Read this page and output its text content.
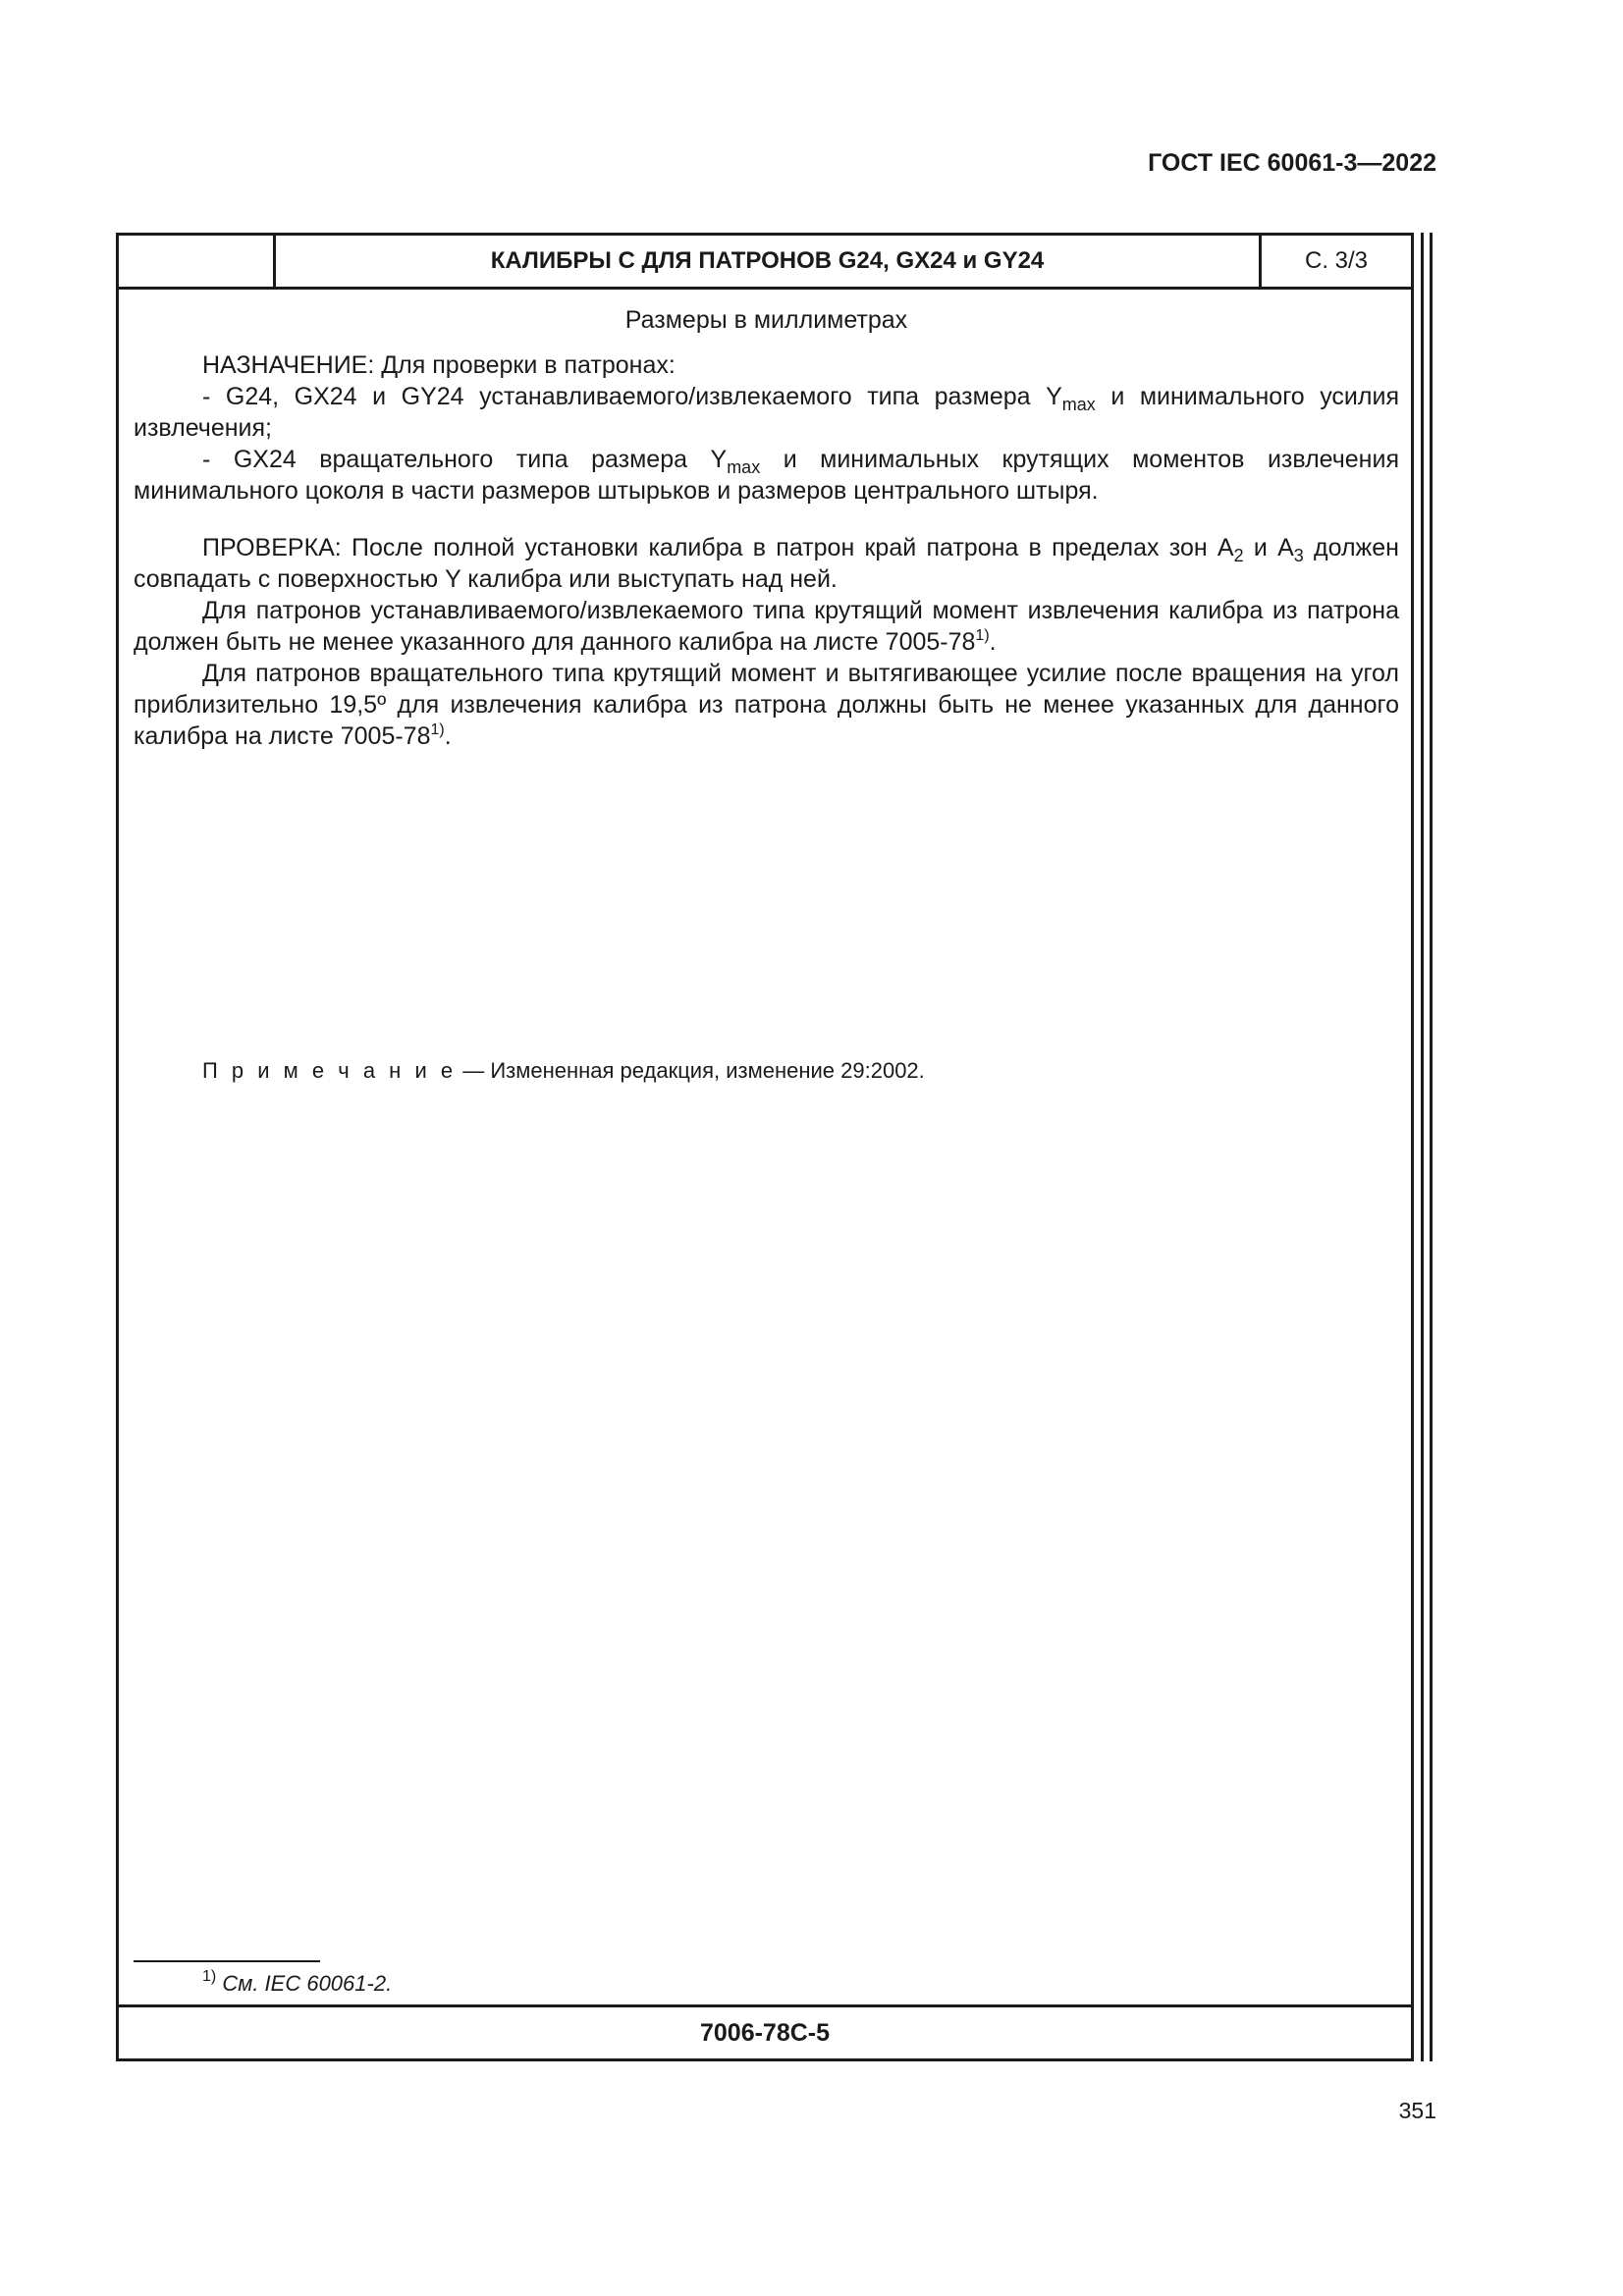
ГОСТ IEC 60061-3—2022
КАЛИБРЫ С ДЛЯ ПАТРОНОВ G24, GX24 и GY24	С. 3/3
Размеры в миллиметрах

НАЗНАЧЕНИЕ: Для проверки в патронах:

- G24, GX24 и GY24 устанавливаемого/извлекаемого типа размера $Y_{max}$ и минимального усилия извлечения;

- GX24 вращательного типа размера $Y_{max}$ и минимальных крутящих моментов извлечения минимального цоколя в части размеров штырьков и размеров центрального штыря.

ПРОВЕРКА: После полной установки калибра в патрон край патрона в пределах зон $А_2$ и $А_3$ должен совпадать с поверхностью Y калибра или выступать над ней.

Для патронов устанавливаемого/извлекаемого типа крутящий момент извлечения калибра из патрона должен быть не менее указанного для данного калибра на листе 7005-78$^{1)}$.

Для патронов вращательного типа крутящий момент и вытягивающее усилие после вращения на угол приблизительно 19,5º для извлечения калибра из патрона должны быть не менее указанных для данного калибра на листе 7005-78$^{1)}$.

П р и м е ч а н и е — Измененная редакция, изменение 29:2002.
$^{1)}$ См. IEC 60061-2.
7006-78С-5
351
